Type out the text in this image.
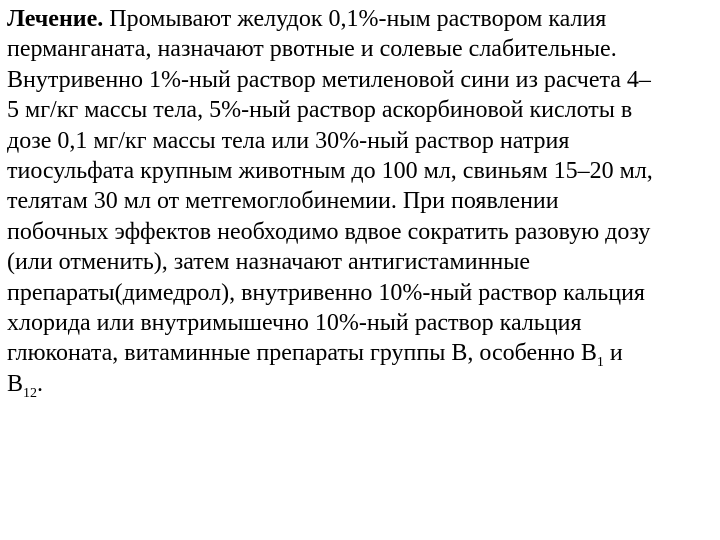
Лечение. Промывают желудок 0,1%-ным раствором калия
перманганата, назначают рвотные и солевые слабительные.
Внутривенно 1%-ный раствор метиленовой сини из расчета 4–
5 мг/кг массы тела, 5%-ный раствор аскорбиновой кислоты в
дозе 0,1 мг/кг массы тела или 30%-ный раствор натрия
тиосульфата крупным животным до 100 мл, свиньям 15–20 мл,
телятам 30 мл от метгемоглобинемии. При появлении
побочных эффектов необходимо вдвое сократить разовую дозу
(или отменить), затем назначают антигистаминные
препараты(димедрол), внутривенно 10%-ный раствор кальция
хлорида или внутримышечно 10%-ный раствор кальция
глюконата, витаминные препараты группы В, особенно $В_1$ и
$В_{12}$.
